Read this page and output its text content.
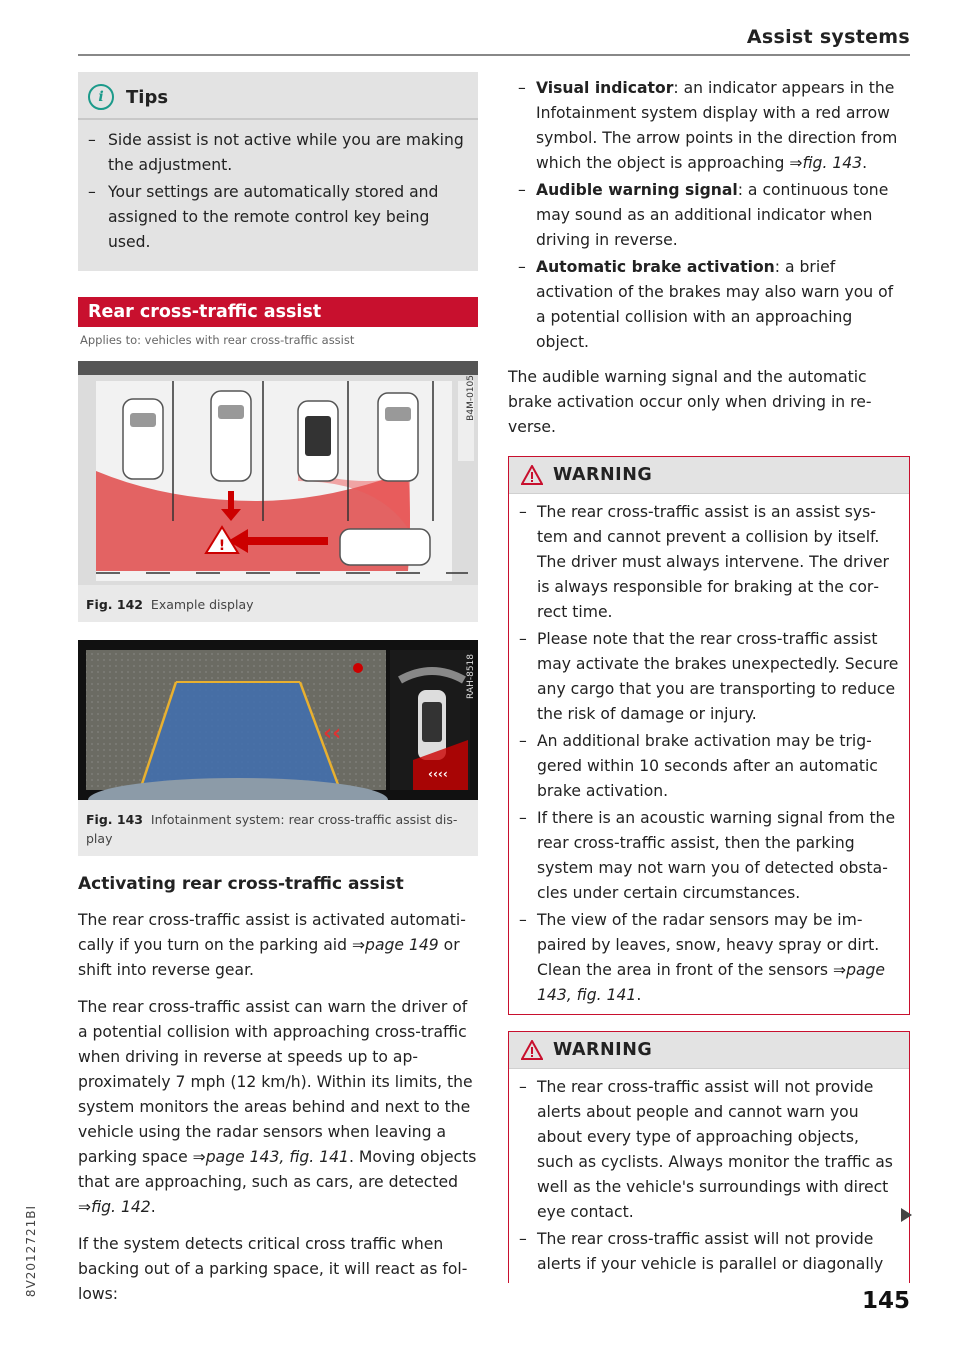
Assist systems
i	Tips
– Side assist is not active while you are making the adjustment.
– Your settings are automatically stored and assigned to the remote control key being used.
Rear cross-traffic assist
Applies to: vehicles with rear cross-traffic assist
!
B4M-0105
Fig. 142 Example display
‹‹
‹‹‹‹
RAH-8518
Fig. 143 Infotainment system: rear cross-traffic assist display
Activating rear cross-traffic assist

The rear cross-traffic assist is activated automatically if you turn on the parking aid ⇒page 149 or shift into reverse gear.

The rear cross-traffic assist can warn the driver of a potential collision with approaching cross-traffic when driving in reverse at speeds up to approximately 7 mph (12 km/h). Within its limits, the system monitors the areas behind and next to the vehicle using the radar sensors when leaving a parking space ⇒page 143, fig. 141. Moving objects that are approaching, such as cars, are detected ⇒fig. 142.

If the system detects critical cross traffic when backing out of a parking space, it will react as follows:

– Visual indicator: an indicator appears in the Infotainment system display with a red arrow symbol. The arrow points in the direction from which the object is approaching ⇒fig. 143.
– Audible warning signal: a continuous tone may sound as an additional indicator when driving in reverse.
– Automatic brake activation: a brief activation of the brakes may also warn you of a potential collision with an approaching object.

The audible warning signal and the automatic brake activation occur only when driving in reverse.

WARNING
– The rear cross-traffic assist is an assist system and cannot prevent a collision by itself. The driver must always intervene. The driver is always responsible for braking at the correct time.
– Please note that the rear cross-traffic assist may activate the brakes unexpectedly. Secure any cargo that you are transporting to reduce the risk of damage or injury.
– An additional brake activation may be triggered within 10 seconds after an automatic brake activation.
– If there is an acoustic warning signal from the rear cross-traffic assist, then the parking system may not warn you of detected obstacles under certain circumstances.
– The view of the radar sensors may be impaired by leaves, snow, heavy spray or dirt. Clean the area in front of the sensors ⇒page 143, fig. 141.
WARNING
– The rear cross-traffic assist will not provide alerts about people and cannot warn you about every type of approaching objects, such as cyclists. Always monitor the traffic as well as the vehicle's surroundings with direct eye contact.
– The rear cross-traffic assist will not provide alerts if your vehicle is parallel or diagonally
8V2012721BI
145
